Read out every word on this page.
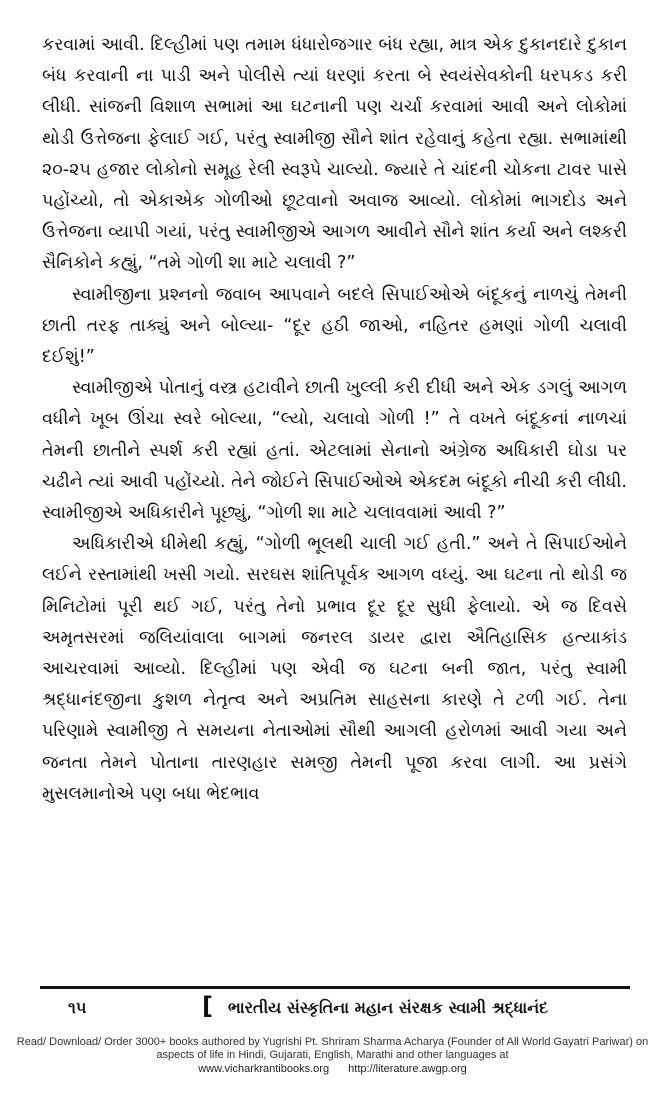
કરવામાં આવી. દિલ્હીમાં પણ તમામ ધંધારોજગાર બંધ રહ્યા, માત્ર એક દુકાનદારે દુકાન બંધ કરવાની ના પાડી અને પોલીસે ત્યાં ધરણાં કરતા બે સ્વયંસેવકોની ધરપકડ કરી લીધી. સાંજની વિશાળ સભામાં આ ઘટનાની પણ ચર્ચા કરવામાં આવી અને લોકોમાં થોડી ઉત્તેજના ફેલાઈ ગઈ, પરંતુ સ્વામીજી સૌને શાંત રહેવાનું કહેતા રહ્યા. સભામાંથી ૨૦-૨૫ હજાર લોકોનો સમૂહ રેલી સ્વરૂપે ચાલ્યો. જ્યારે તે ચાંદની ચોકના ટાવર પાસે પહોંચ્યો, તો એકાએક ગોળીઓ છૂટવાનો અવાજ આવ્યો. લોકોમાં ભાગદોડ અને ઉત્તેજના વ્યાપી ગયાં, પરંતુ સ્વામીજીએ આગળ આવીને સૌને શાંત કર્યા અને લશ્કરી સૈનિકોને કહ્યું, “તમે ગોળી શા માટે ચલાવી ?”

સ્વામીજીના પ્રશ્નનો જવાબ આપવાને બદલે સિપાઈઓએ બંદૂકનું નાળચું તેમની છાતી તરફ તાક્યું અને બોલ્યા- “દૂર હઠી જાઓ, નહિતર હમણાં ગોળી ચલાવી દઈશું!”

સ્વામીજીએ પોતાનું વસ્ત્ર હટાવીને છાતી ખુલ્લી કરી દીધી અને એક ડગલું આગળ વધીને ખૂબ ઊંચા સ્વરે બોલ્યા, “લ્યો, ચલાવો ગોળી !” તે વખતે બંદૂકનાં નાળચાં તેમની છાતીને સ્પર્શ કરી રહ્યાં હતાં. એટલામાં સેનાનો અંગ્રેજ અધિકારી ઘોડા પર ચઢીને ત્યાં આવી પહોંચ્યો. તેને જોઈને સિપાઈઓએ એકદમ બંદૂકો નીચી કરી લીધી. સ્વામીજીએ અધિકારીને પૂછ્યું, “ગોળી શા માટે ચલાવવામાં આવી ?”

અધિકારીએ ધીમેથી કહ્યું, “ગોળી ભૂલથી ચાલી ગઈ હતી.” અને તે સિપાઈઓને લઈને રસ્તામાંથી ખસી ગયો. સરઘસ શાંતિપૂર્વક આગળ વધ્યું. આ ઘટના તો થોડી જ મિનિટોમાં પૂરી થઈ ગઈ, પરંતુ તેનો પ્રભાવ દૂર દૂર સુધી ફેલાયો. એ જ દિવસે અમૃતસરમાં જલિયાંવાલા બાગમાં જનરલ ડાયર દ્વારા ઐતિહાસિક હત્યાકાંડ આચરવામાં આવ્યો. દિલ્હીમાં પણ એવી જ ઘટના બની જાત, પરંતુ સ્વામી શ્રદ્ધાનંદજીના કુશળ નેતૃત્વ અને અપ્રતિમ સાહસના કારણે તે ટળી ગઈ. તેના પરિણામે સ્વામીજી તે સમયના નેતાઓમાં સૌથી આગલી હરોળમાં આવી ગયા અને જનતા તેમને પોતાના તારણહાર સમજી તેમની પૂજા કરવા લાગી. આ પ્રસંગે મુસલમાનોએ પણ બધા ભેદભાવ

૧૫	[ ભારતીય સંસ્કૃતિના મહાન સંરક્ષક સ્વામી શ્રદ્ધાનંદ

Read/ Download/ Order 3000+ books authored by Yugrishi Pt. Shriram Sharma Acharya (Founder of All World Gayatri Pariwar) on aspects of life in Hindi, Gujarati, English, Marathi and other languages at

www.vicharkrantibooks.org http://literature.awgp.org
